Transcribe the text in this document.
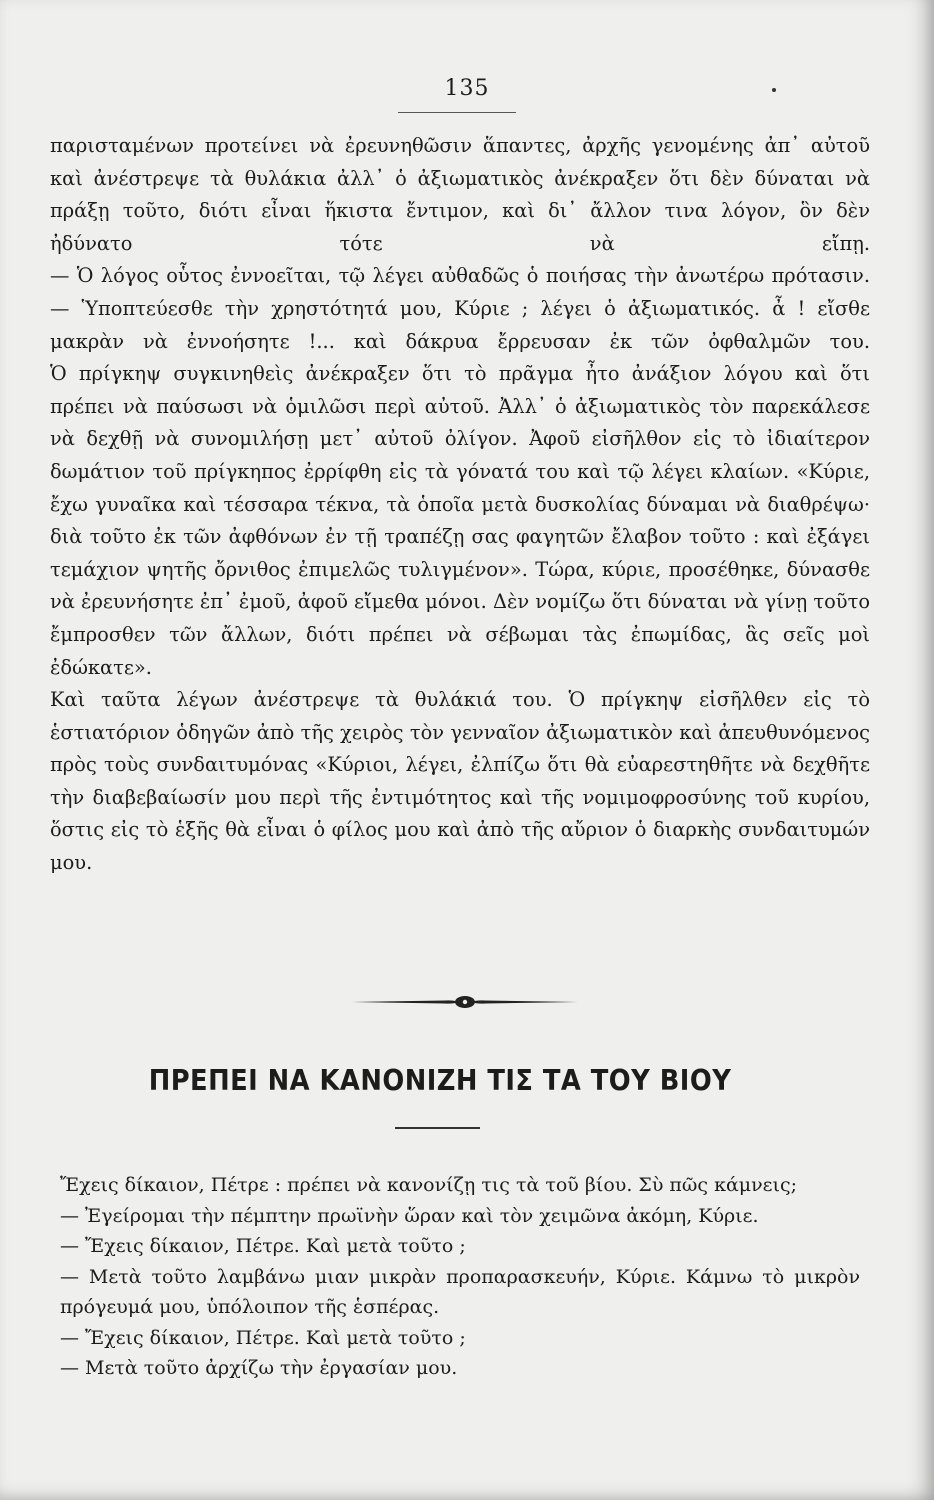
135

παρισταμένων προτείνει νὰ ἐρευνηθῶσιν ἅπαντες, ἀρχῆς γενομένης ἀπ᾽ αὐτοῦ καὶ ἀνέστρεψε τὰ θυλάκια ἀλλ᾽ ὁ ἀξιωματικὸς ἀνέκραξεν ὅτι δὲν δύναται νὰ πράξῃ τοῦτο, διότι εἶναι ἥκιστα ἔντιμον, καὶ δι᾽ ἄλλον τινα λόγον, ὃν δὲν ἠδύνατο τότε νὰ εἴπῃ.

— Ὁ λόγος οὗτος ἐννοεῖται, τῷ λέγει αὐθαδῶς ὁ ποιήσας τὴν ἀνωτέρω πρότασιν.

— Ὑποπτεύεσθε τὴν χρηστότητά μου, Κύριε ; λέγει ὁ ἀξιωματικός. ἆ ! εἴσθε μακρὰν νὰ ἐννοήσητε !... καὶ δάκρυα ἔρρευσαν ἐκ τῶν ὀφθαλμῶν του.

Ὁ πρίγκηψ συγκινηθεὶς ἀνέκραξεν ὅτι τὸ πρᾶγμα ἦτο ἀνάξιον λόγου καὶ ὅτι πρέπει νὰ παύσωσι νὰ ὁμιλῶσι περὶ αὐτοῦ. Ἀλλ᾽ ὁ ἀξιωματικὸς τὸν παρεκάλεσε νὰ δεχθῇ νὰ συνομιλήσῃ μετ᾽ αὐτοῦ ὀλίγον. Ἀφοῦ εἰσῆλθον εἰς τὸ ἰδιαίτερον δωμάτιον τοῦ πρίγκηπος ἐρρίφθη εἰς τὰ γόνατά του καὶ τῷ λέγει κλαίων. «Κύριε, ἔχω γυναῖκα καὶ τέσσαρα τέκνα, τὰ ὁποῖα μετὰ δυσκολίας δύναμαι νὰ διαθρέψω· διὰ τοῦτο ἐκ τῶν ἀφθόνων ἐν τῇ τραπέζῃ σας φαγητῶν ἔλαβον τοῦτο : καὶ ἐξάγει τεμάχιον ψητῆς ὄρνιθος ἐπιμελῶς τυλιγμένον». Τώρα, κύριε, προσέθηκε, δύνασθε νὰ ἐρευνήσητε ἐπ᾽ ἐμοῦ, ἀφοῦ εἴμεθα μόνοι. Δὲν νομίζω ὅτι δύναται νὰ γίνῃ τοῦτο ἔμπροσθεν τῶν ἄλλων, διότι πρέπει νὰ σέβωμαι τὰς ἐπωμίδας, ἃς σεῖς μοὶ ἐδώκατε».

Καὶ ταῦτα λέγων ἀνέστρεψε τὰ θυλάκιά του. Ὁ πρίγκηψ εἰσῆλθεν εἰς τὸ ἑστιατόριον ὁδηγῶν ἀπὸ τῆς χειρὸς τὸν γενναῖον ἀξιωματικὸν καὶ ἀπευθυνόμενος πρὸς τοὺς συνδαιτυμόνας «Κύριοι, λέγει, ἐλπίζω ὅτι θὰ εὐαρεστηθῆτε νὰ δεχθῆτε τὴν διαβεβαίωσίν μου περὶ τῆς ἐντιμότητος καὶ τῆς νομιμοφροσύνης τοῦ κυρίου, ὅστις εἰς τὸ ἑξῆς θὰ εἶναι ὁ φίλος μου καὶ ἀπὸ τῆς αὔριον ὁ διαρκὴς συνδαιτυμών μου.

ΠΡΕΠΕΙ ΝΑ ΚΑΝΟΝΙΖΗ ΤΙΣ ΤΑ ΤΟΥ ΒΙΟΥ

Ἔχεις δίκαιον, Πέτρε : πρέπει νὰ κανονίζῃ τις τὰ τοῦ βίου. Σὺ πῶς κάμνεις;

— Ἐγείρομαι τὴν πέμπτην πρωϊνὴν ὥραν καὶ τὸν χειμῶνα ἀκόμη, Κύριε.

— Ἔχεις δίκαιον, Πέτρε. Καὶ μετὰ τοῦτο ;

— Μετὰ τοῦτο λαμβάνω μιαν μικρὰν προπαρασκευήν, Κύριε. Κάμνω τὸ μικρὸν πρόγευμά μου, ὑπόλοιπον τῆς ἑσπέρας.

— Ἔχεις δίκαιον, Πέτρε. Καὶ μετὰ τοῦτο ;

— Μετὰ τοῦτο ἀρχίζω τὴν ἐργασίαν μου.
